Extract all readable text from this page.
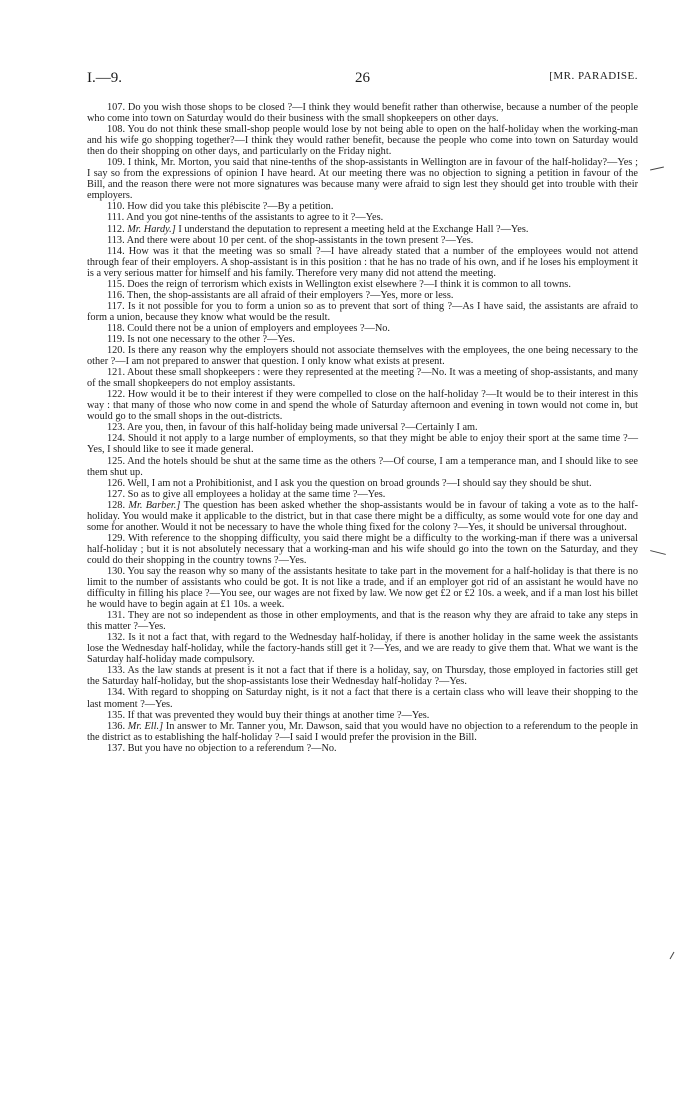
I.—9.	26	[MR. PARADISE.

107. Do you wish those shops to be closed ?—I think they would benefit rather than otherwise, because a number of the people who come into town on Saturday would do their business with the small shopkeepers on other days.

108. You do not think these small-shop people would lose by not being able to open on the half-holiday when the working-man and his wife go shopping together?—I think they would rather benefit, because the people who come into town on Saturday would then do their shopping on other days, and particularly on the Friday night.

109. I think, Mr. Morton, you said that nine-tenths of the shop-assistants in Wellington are in favour of the half-holiday?—Yes ; I say so from the expressions of opinion I have heard. At our meeting there was no objection to signing a petition in favour of the Bill, and the reason there were not more signatures was because many were afraid to sign lest they should get into trouble with their employers.

110. How did you take this plébiscite ?—By a petition.

111. And you got nine-tenths of the assistants to agree to it ?—Yes.

112. Mr. Hardy.] I understand the deputation to represent a meeting held at the Exchange Hall ?—Yes.

113. And there were about 10 per cent. of the shop-assistants in the town present ?—Yes.

114. How was it that the meeting was so small ?—I have already stated that a number of the employees would not attend through fear of their employers. A shop-assistant is in this position : that he has no trade of his own, and if he loses his employment it is a very serious matter for himself and his family. Therefore very many did not attend the meeting.

115. Does the reign of terrorism which exists in Wellington exist elsewhere ?—I think it is common to all towns.

116. Then, the shop-assistants are all afraid of their employers ?—Yes, more or less.

117. Is it not possible for you to form a union so as to prevent that sort of thing ?—As I have said, the assistants are afraid to form a union, because they know what would be the result.

118. Could there not be a union of employers and employees ?—No.

119. Is not one necessary to the other ?—Yes.

120. Is there any reason why the employers should not associate themselves with the employees, the one being necessary to the other ?—I am not prepared to answer that question. I only know what exists at present.

121. About these small shopkeepers : were they represented at the meeting ?—No. It was a meeting of shop-assistants, and many of the small shopkeepers do not employ assistants.

122. How would it be to their interest if they were compelled to close on the half-holiday ?—It would be to their interest in this way : that many of those who now come in and spend the whole of Saturday afternoon and evening in town would not come in, but would go to the small shops in the out-districts.

123. Are you, then, in favour of this half-holiday being made universal ?—Certainly I am.

124. Should it not apply to a large number of employments, so that they might be able to enjoy their sport at the same time ?—Yes, I should like to see it made general.

125. And the hotels should be shut at the same time as the others ?—Of course, I am a temperance man, and I should like to see them shut up.

126. Well, I am not a Prohibitionist, and I ask you the question on broad grounds ?—I should say they should be shut.

127. So as to give all employees a holiday at the same time ?—Yes.

128. Mr. Barber.] The question has been asked whether the shop-assistants would be in favour of taking a vote as to the half-holiday. You would make it applicable to the district, but in that case there might be a difficulty, as some would vote for one day and some for another. Would it not be necessary to have the whole thing fixed for the colony ?—Yes, it should be universal throughout.

129. With reference to the shopping difficulty, you said there might be a difficulty to the working-man if there was a universal half-holiday ; but it is not absolutely necessary that a working-man and his wife should go into the town on the Saturday, and they could do their shopping in the country towns ?—Yes.

130. You say the reason why so many of the assistants hesitate to take part in the movement for a half-holiday is that there is no limit to the number of assistants who could be got. It is not like a trade, and if an employer got rid of an assistant he would have no difficulty in filling his place ?—You see, our wages are not fixed by law. We now get £2 or £2 10s. a week, and if a man lost his billet he would have to begin again at £1 10s. a week.

131. They are not so independent as those in other employments, and that is the reason why they are afraid to take any steps in this matter ?—Yes.

132. Is it not a fact that, with regard to the Wednesday half-holiday, if there is another holiday in the same week the assistants lose the Wednesday half-holiday, while the factory-hands still get it ?—Yes, and we are ready to give them that. What we want is the Saturday half-holiday made compulsory.

133. As the law stands at present is it not a fact that if there is a holiday, say, on Thursday, those employed in factories still get the Saturday half-holiday, but the shop-assistants lose their Wednesday half-holiday ?—Yes.

134. With regard to shopping on Saturday night, is it not a fact that there is a certain class who will leave their shopping to the last moment ?—Yes.

135. If that was prevented they would buy their things at another time ?—Yes.

136. Mr. Ell.] In answer to Mr. Tanner you, Mr. Dawson, said that you would have no objection to a referendum to the people in the district as to establishing the half-holiday ?—I said I would prefer the provision in the Bill.

137. But you have no objection to a referendum ?—No.
